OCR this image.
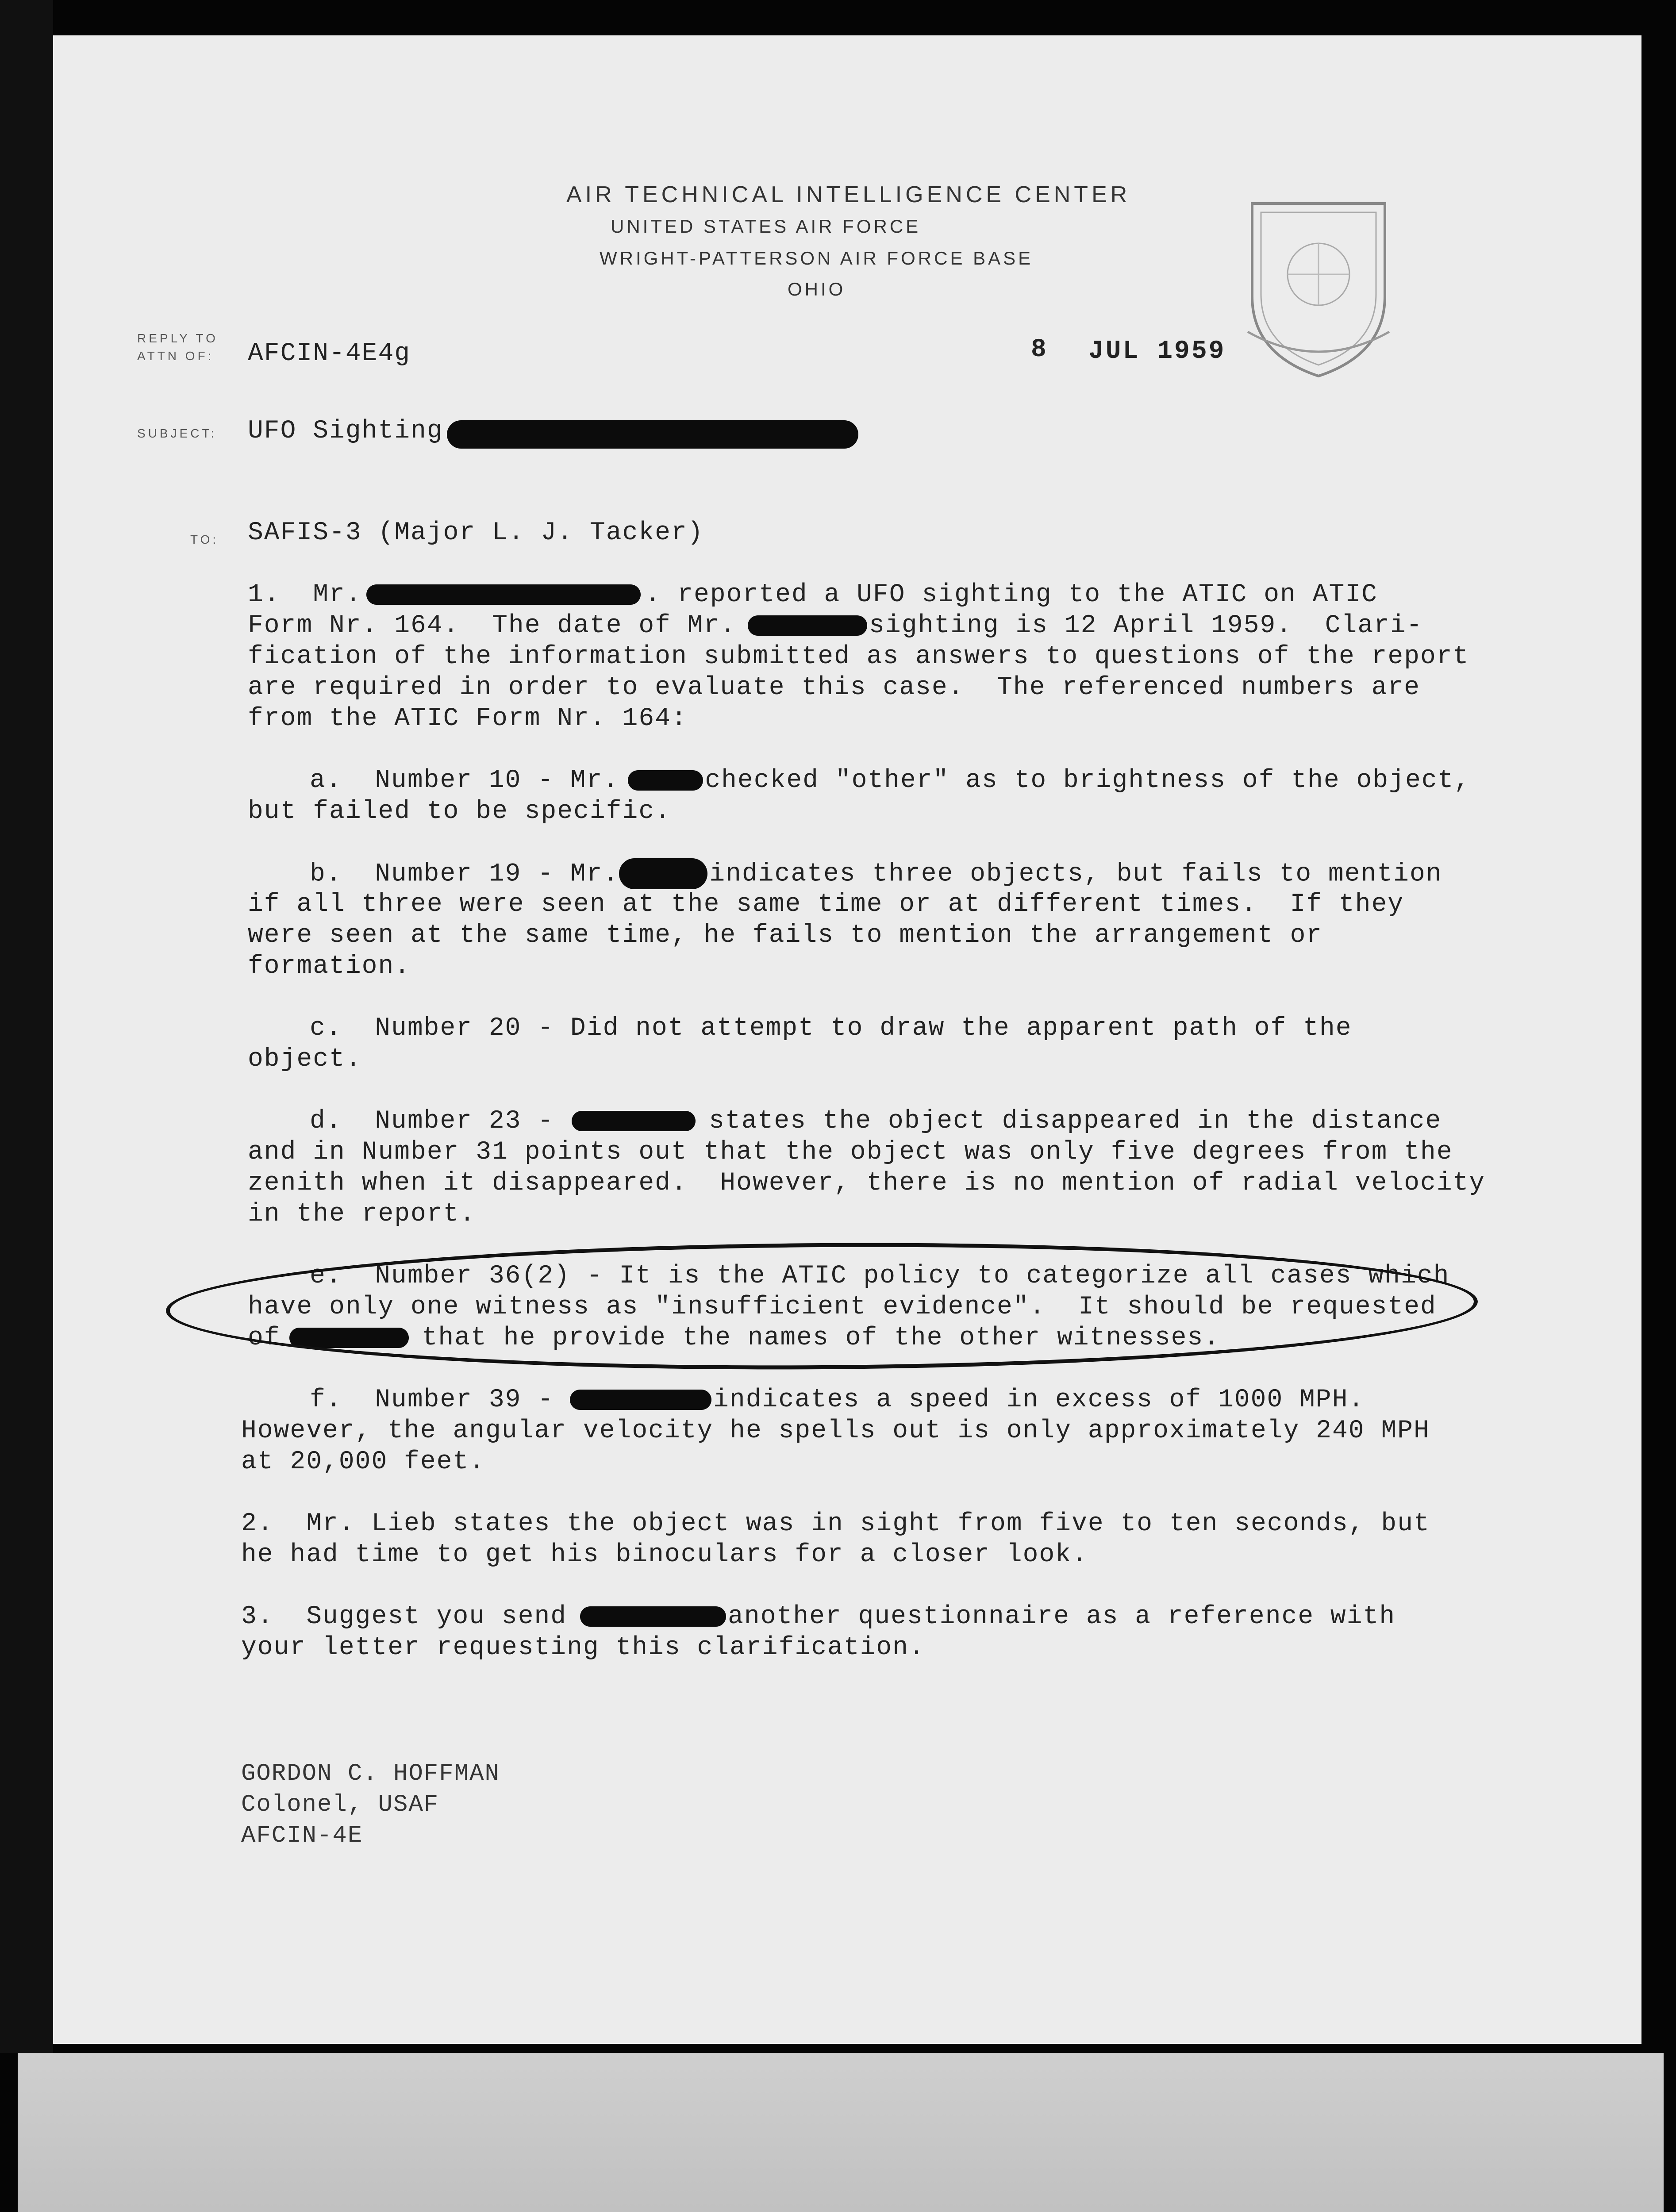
AIR TECHNICAL INTELLIGENCE CENTER
UNITED STATES AIR FORCE
WRIGHT-PATTERSON AIR FORCE BASE
OHIO
REPLY TO
ATTN OF: AFCIN-4E4g	8 JUL 1959
SUBJECT: UFO Sighting
TO: SAFIS-3 (Major L. J. Tacker)
1.  Mr.	. reported a UFO sighting to the ATIC on ATIC
Form Nr. 164.  The date of Mr.	sighting is 12 April 1959.  Clari-
fication of the information submitted as answers to questions of the report
are required in order to evaluate this case.  The referenced numbers are
from the ATIC Form Nr. 164:
a.  Number 10 - Mr.	checked "other" as to brightness of the object,
but failed to be specific.
b.  Number 19 - Mr.	indicates three objects, but fails to mention
if all three were seen at the same time or at different times.  If they
were seen at the same time, he fails to mention the arrangement or
formation.
c.  Number 20 - Did not attempt to draw the apparent path of the
object.
d.  Number 23 -	states the object disappeared in the distance
and in Number 31 points out that the object was only five degrees from the
zenith when it disappeared.  However, there is no mention of radial velocity
in the report.
e.  Number 36(2) - It is the ATIC policy to categorize all cases which
have only one witness as "insufficient evidence".  It should be requested
of	that he provide the names of the other witnesses.
f.  Number 39 -	indicates a speed in excess of 1000 MPH.
However, the angular velocity he spells out is only approximately 240 MPH
at 20,000 feet.
2.  Mr. Lieb states the object was in sight from five to ten seconds, but
he had time to get his binoculars for a closer look.
3.  Suggest you send	another questionnaire as a reference with
your letter requesting this clarification.
GORDON C. HOFFMAN
Colonel, USAF
AFCIN-4E
